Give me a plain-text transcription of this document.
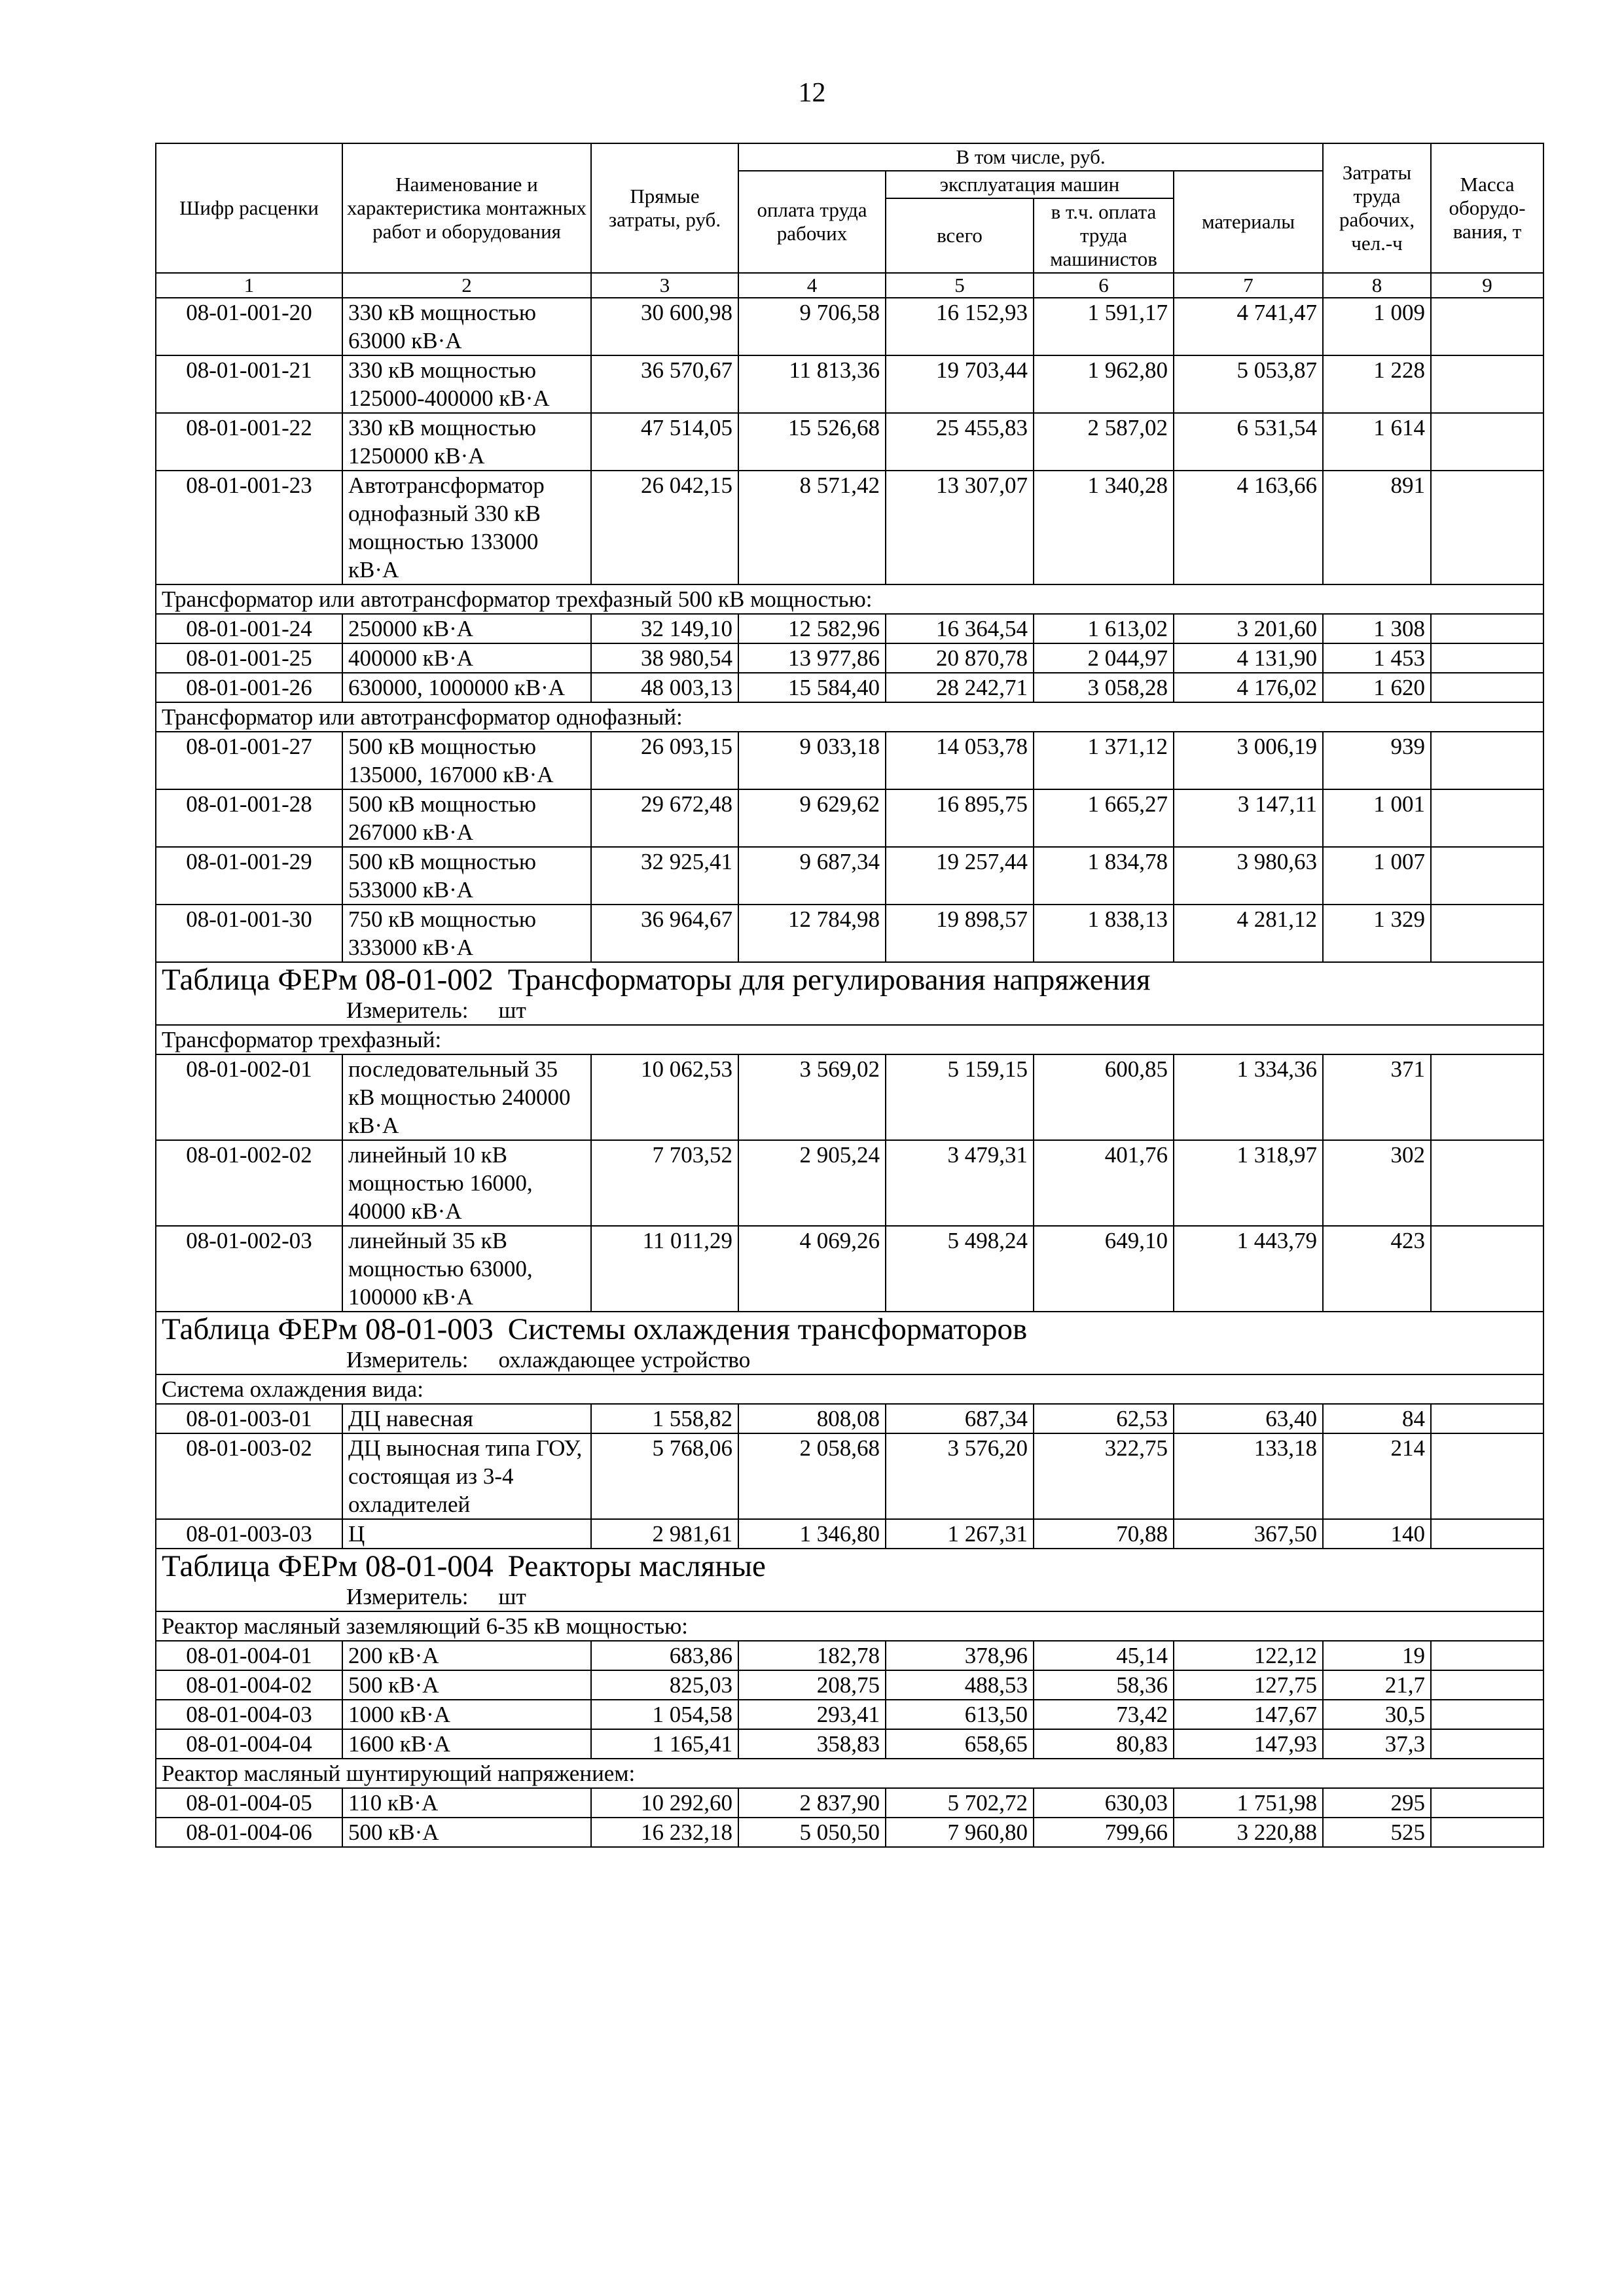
12
Шифр расценки	Наименование и характеристика монтажных работ и оборудования	Прямые затраты, руб.	В том числе, руб.				Затраты труда рабочих, чел.-ч	Масса оборудо-вания, т
			оплата труда рабочих	эксплуатация машин		материалы		
				всего	в т.ч. оплата труда машинистов			
1	2	3	4	5	6	7	8	9
08-01-001-20	330 кВ мощностью 63000 кВ·А	30 600,98	9 706,58	16 152,93	1 591,17	4 741,47	1 009	
08-01-001-21	330 кВ мощностью 125000-400000 кВ·А	36 570,67	11 813,36	19 703,44	1 962,80	5 053,87	1 228	
08-01-001-22	330 кВ мощностью 1250000 кВ·А	47 514,05	15 526,68	25 455,83	2 587,02	6 531,54	1 614	
08-01-001-23	Автотрансформатор однофазный 330 кВ мощностью 133000 кВ·А	26 042,15	8 571,42	13 307,07	1 340,28	4 163,66	891	
Трансформатор или автотрансформатор трехфазный 500 кВ мощностью:								
08-01-001-24	250000 кВ·А	32 149,10	12 582,96	16 364,54	1 613,02	3 201,60	1 308	
08-01-001-25	400000 кВ·А	38 980,54	13 977,86	20 870,78	2 044,97	4 131,90	1 453	
08-01-001-26	630000, 1000000 кВ·А	48 003,13	15 584,40	28 242,71	3 058,28	4 176,02	1 620	
Трансформатор или автотрансформатор однофазный:								
08-01-001-27	500 кВ мощностью 135000, 167000 кВ·А	26 093,15	9 033,18	14 053,78	1 371,12	3 006,19	939	
08-01-001-28	500 кВ мощностью 267000 кВ·А	29 672,48	9 629,62	16 895,75	1 665,27	3 147,11	1 001	
08-01-001-29	500 кВ мощностью 533000 кВ·А	32 925,41	9 687,34	19 257,44	1 834,78	3 980,63	1 007	
08-01-001-30	750 кВ мощностью 333000 кВ·А	36 964,67	12 784,98	19 898,57	1 838,13	4 281,12	1 329	
Таблица ФЕРм 08-01-002 Трансформаторы для регулирования напряжения
Измеритель: шт								

Трансформатор трехфазный:								
08-01-002-01	последовательный 35 кВ мощностью 240000 кВ·А	10 062,53	3 569,02	5 159,15	600,85	1 334,36	371	
08-01-002-02	линейный 10 кВ мощностью 16000, 40000 кВ·А	7 703,52	2 905,24	3 479,31	401,76	1 318,97	302	
08-01-002-03	линейный 35 кВ мощностью 63000, 100000 кВ·А	11 011,29	4 069,26	5 498,24	649,10	1 443,79	423	
Таблица ФЕРм 08-01-003 Системы охлаждения трансформаторов
Измеритель: охлаждающее устройство								

Система охлаждения вида:								
08-01-003-01	ДЦ навесная	1 558,82	808,08	687,34	62,53	63,40	84	
08-01-003-02	ДЦ выносная типа ГОУ, состоящая из 3-4 охладителей	5 768,06	2 058,68	3 576,20	322,75	133,18	214	
08-01-003-03	Ц	2 981,61	1 346,80	1 267,31	70,88	367,50	140	
Таблица ФЕРм 08-01-004 Реакторы масляные
Измеритель: шт								

Реактор масляный заземляющий 6-35 кВ мощностью:								
08-01-004-01	200 кВ·А	683,86	182,78	378,96	45,14	122,12	19	
08-01-004-02	500 кВ·А	825,03	208,75	488,53	58,36	127,75	21,7	
08-01-004-03	1000 кВ·А	1 054,58	293,41	613,50	73,42	147,67	30,5	
08-01-004-04	1600 кВ·А	1 165,41	358,83	658,65	80,83	147,93	37,3	
Реактор масляный шунтирующий напряжением:								
08-01-004-05	110 кВ·А	10 292,60	2 837,90	5 702,72	630,03	1 751,98	295	
08-01-004-06	500 кВ·А	16 232,18	5 050,50	7 960,80	799,66	3 220,88	525	
